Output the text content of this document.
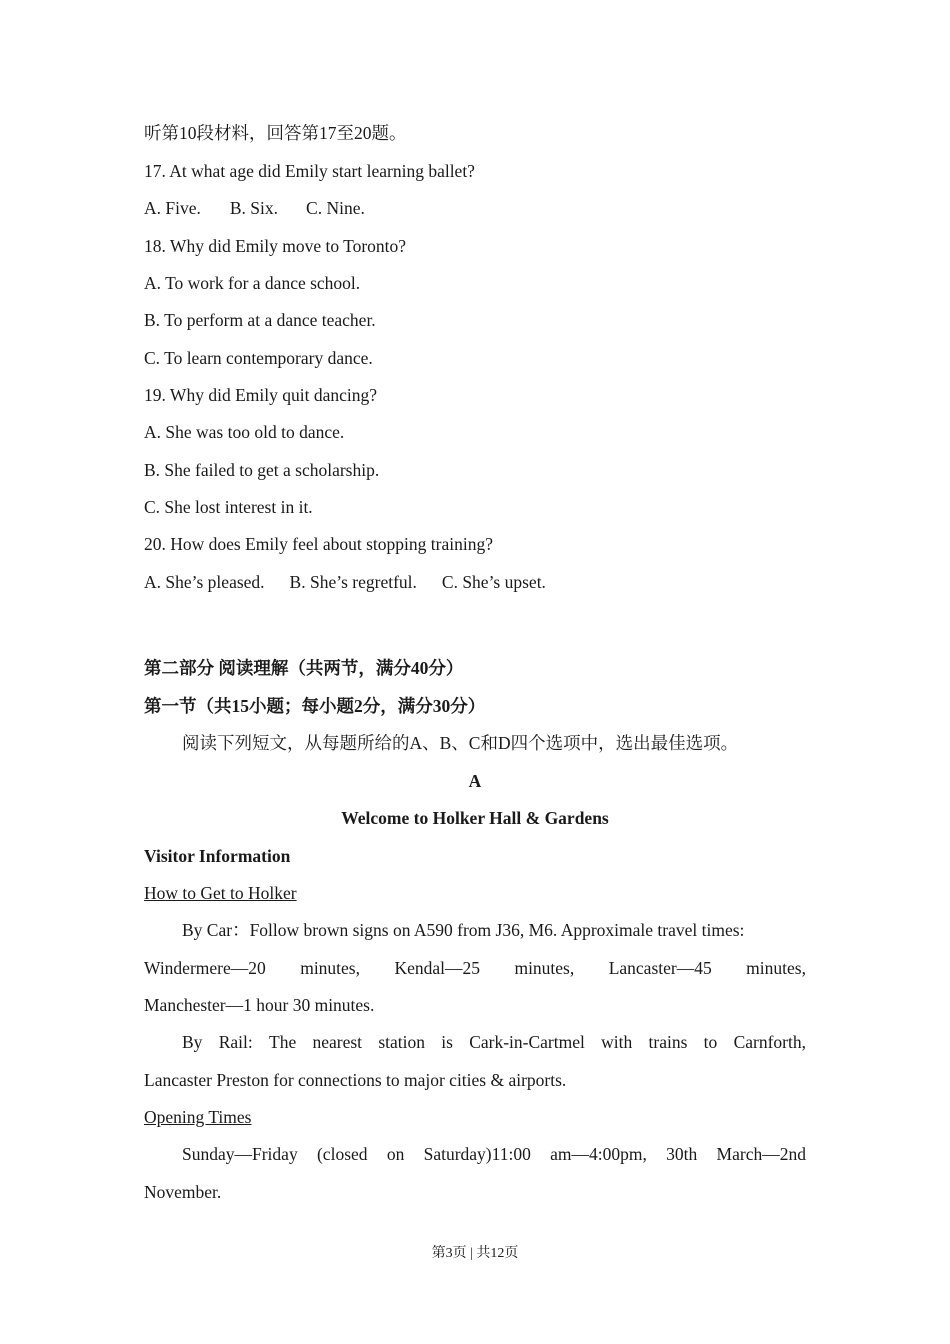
听第10段材料，回答第17至20题。
17. At what age did Emily start learning ballet?
A. Five. B. Six. C. Nine.
18. Why did Emily move to Toronto?
A. To work for a dance school.
B. To perform at a dance teacher.
C. To learn contemporary dance.
19. Why did Emily quit dancing?
A. She was too old to dance.
B. She failed to get a scholarship.
C. She lost interest in it.
20. How does Emily feel about stopping training?
A. She’s pleased. B. She’s regretful. C. She’s upset.
第二部分 阅读理解（共两节，满分40分）
第一节（共15小题；每小题2分，满分30分）
阅读下列短文，从每题所给的A、B、C和D四个选项中，选出最佳选项。
A
Welcome to Holker Hall & Gardens
Visitor Information
How to Get to Holker
By Car：Follow brown signs on A590 from J36, M6. Approximale travel times:
Windermere—20 minutes, Kendal—25 minutes, Lancaster—45 minutes,
Manchester—1 hour 30 minutes.
By Rail: The nearest station is Cark-in-Cartmel with trains to Carnforth,
Lancaster Preston for connections to major cities & airports.
Opening Times
Sunday—Friday (closed on Saturday)11:00 am—4:00pm, 30th March—2nd
November.
第3页 | 共12页
